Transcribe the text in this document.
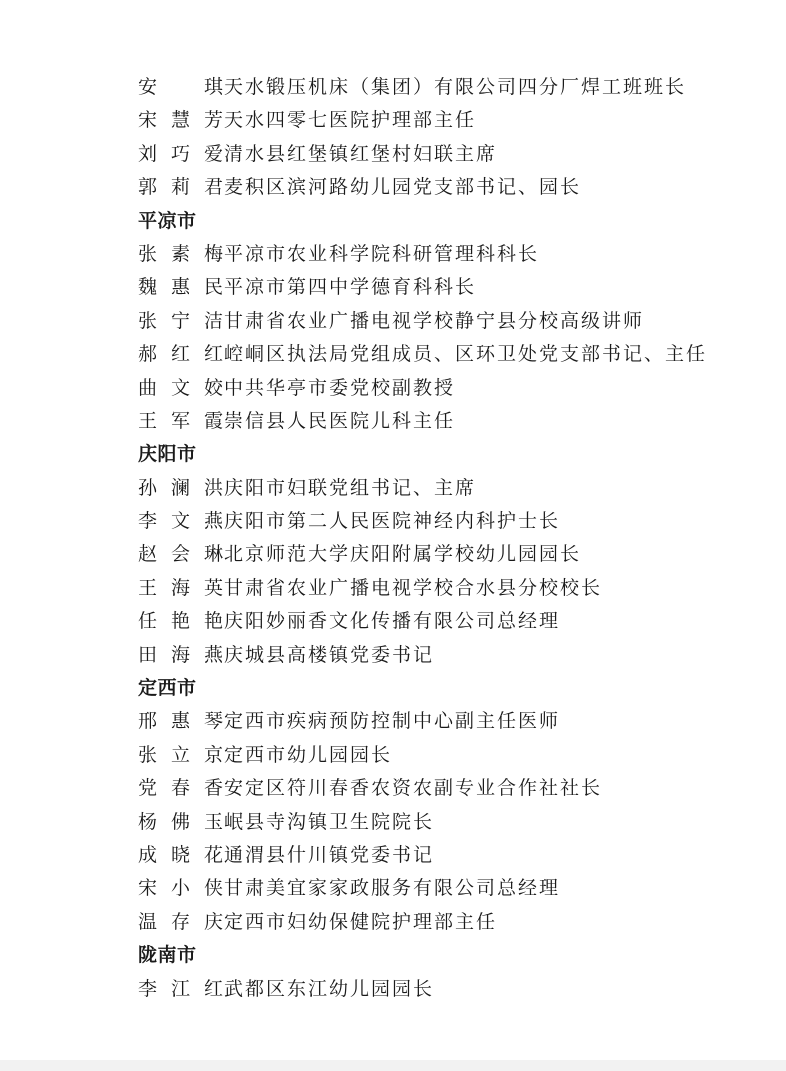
安　琪 天水锻压机床（集团）有限公司四分厂焊工班班长
宋慧芳 天水四零七医院护理部主任
刘巧爱 清水县红堡镇红堡村妇联主席
郭莉君 麦积区滨河路幼儿园党支部书记、园长
平凉市
张素梅 平凉市农业科学院科研管理科科长
魏惠民 平凉市第四中学德育科科长
张宁洁 甘肃省农业广播电视学校静宁县分校高级讲师
郝红红 崆峒区执法局党组成员、区环卫处党支部书记、主任
曲文姣 中共华亭市委党校副教授
王军霞 崇信县人民医院儿科主任
庆阳市
孙澜洪 庆阳市妇联党组书记、主席
李文燕 庆阳市第二人民医院神经内科护士长
赵会琳 北京师范大学庆阳附属学校幼儿园园长
王海英 甘肃省农业广播电视学校合水县分校校长
任艳艳 庆阳妙丽香文化传播有限公司总经理
田海燕 庆城县高楼镇党委书记
定西市
邢惠琴 定西市疾病预防控制中心副主任医师
张立京 定西市幼儿园园长
党春香 安定区符川春香农资农副专业合作社社长
杨佛玉 岷县寺沟镇卫生院院长
成晓花 通渭县什川镇党委书记
宋小侠 甘肃美宜家家政服务有限公司总经理
温存庆 定西市妇幼保健院护理部主任
陇南市
李江红 武都区东江幼儿园园长
